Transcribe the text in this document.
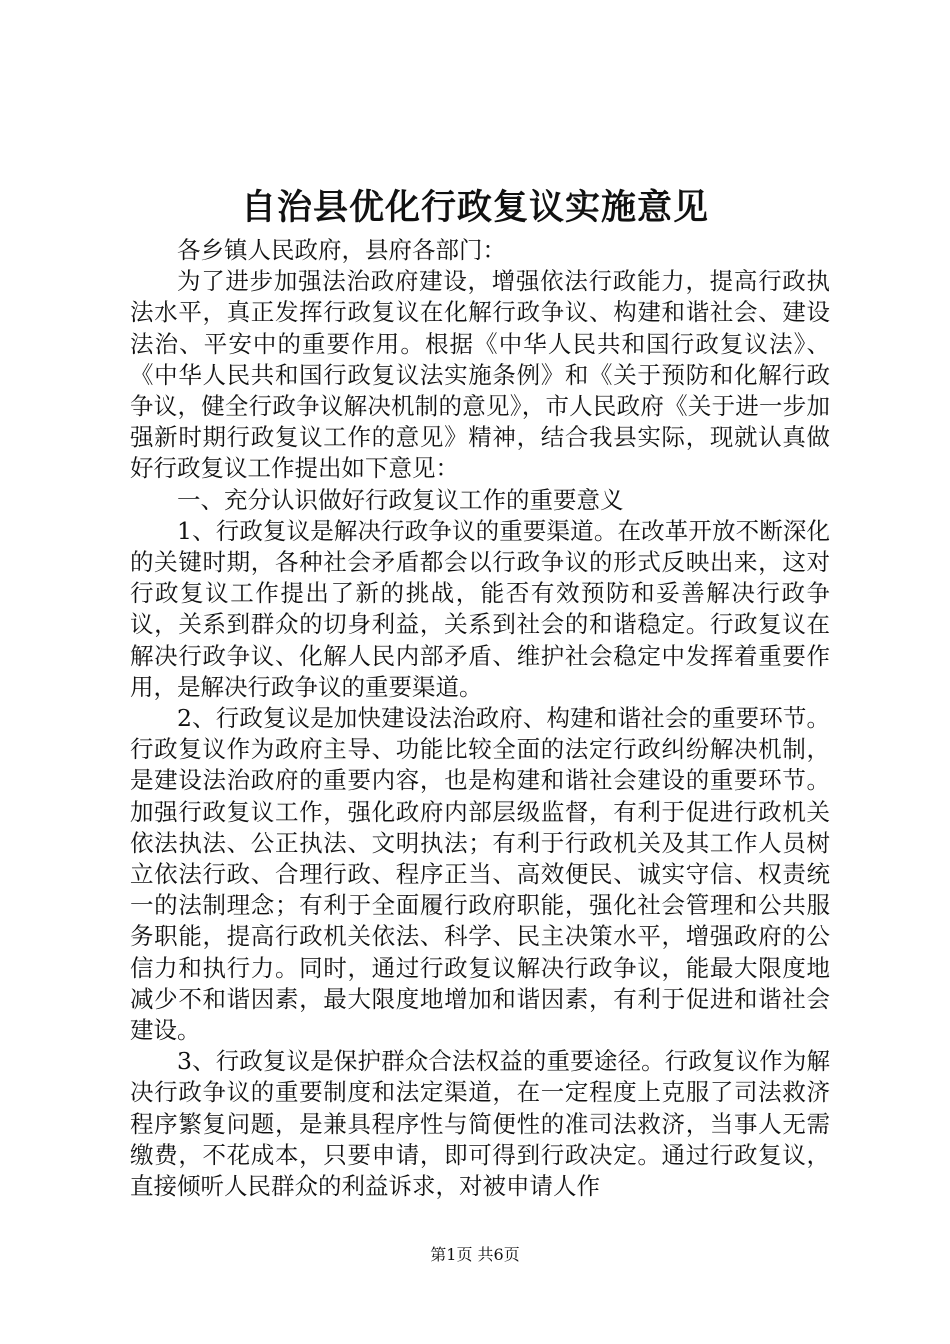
自治县优化行政复议实施意见

各乡镇人民政府，县府各部门：

为了进步加强法治政府建设，增强依法行政能力，提高行政执法水平，真正发挥行政复议在化解行政争议、构建和谐社会、建设法治、平安中的重要作用。根据《中华人民共和国行政复议法》、《中华人民共和国行政复议法实施条例》和《关于预防和化解行政争议，健全行政争议解决机制的意见》，市人民政府《关于进一步加强新时期行政复议工作的意见》精神，结合我县实际，现就认真做好行政复议工作提出如下意见：

一、充分认识做好行政复议工作的重要意义

1、行政复议是解决行政争议的重要渠道。在改革开放不断深化的关键时期，各种社会矛盾都会以行政争议的形式反映出来，这对行政复议工作提出了新的挑战，能否有效预防和妥善解决行政争议，关系到群众的切身利益，关系到社会的和谐稳定。行政复议在解决行政争议、化解人民内部矛盾、维护社会稳定中发挥着重要作用，是解决行政争议的重要渠道。

2、行政复议是加快建设法治政府、构建和谐社会的重要环节。行政复议作为政府主导、功能比较全面的法定行政纠纷解决机制，是建设法治政府的重要内容，也是构建和谐社会建设的重要环节。加强行政复议工作，强化政府内部层级监督，有利于促进行政机关依法执法、公正执法、文明执法；有利于行政机关及其工作人员树立依法行政、合理行政、程序正当、高效便民、诚实守信、权责统一的法制理念；有利于全面履行政府职能，强化社会管理和公共服务职能，提高行政机关依法、科学、民主决策水平，增强政府的公信力和执行力。同时，通过行政复议解决行政争议，能最大限度地减少不和谐因素，最大限度地增加和谐因素，有利于促进和谐社会建设。

3、行政复议是保护群众合法权益的重要途径。行政复议作为解决行政争议的重要制度和法定渠道，在一定程度上克服了司法救济程序繁复问题，是兼具程序性与简便性的准司法救济，当事人无需缴费，不花成本，只要申请，即可得到行政决定。通过行政复议，直接倾听人民群众的利益诉求，对被申请人作

第1页 共6页
